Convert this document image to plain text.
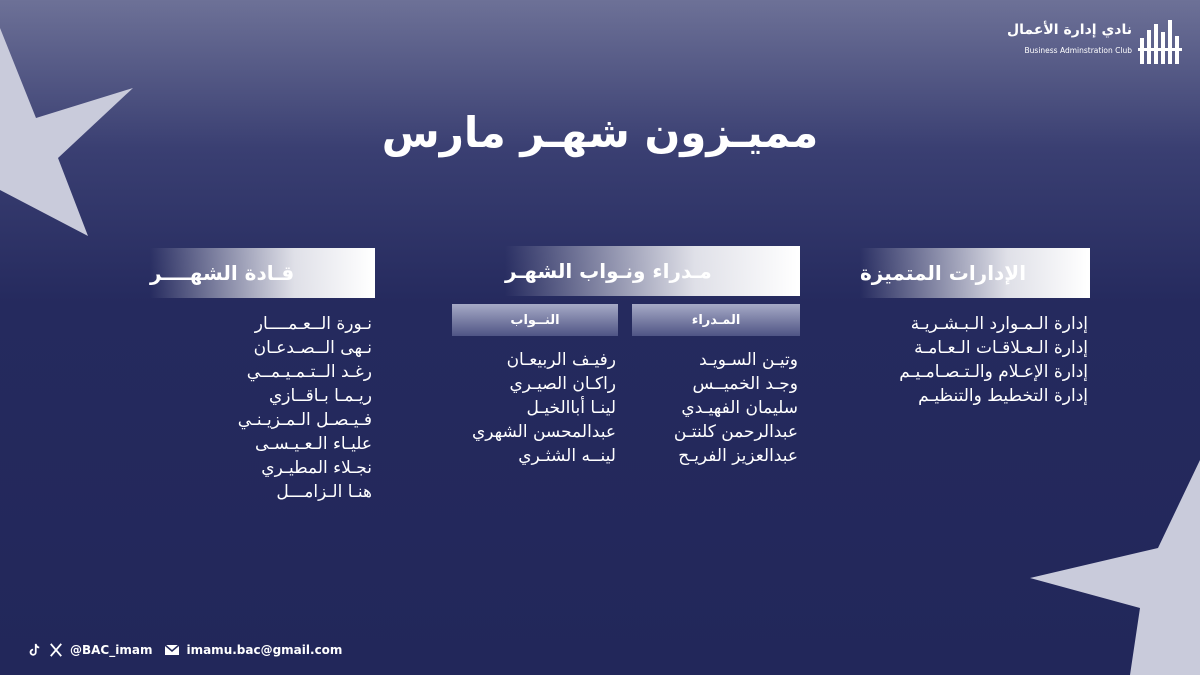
نادي إدارة الأعمال
Business Adminstration Club
مميـزون شهـر مارس
قـادة الشهــــر
نـورة الــعـمــــار
نـهى الــصـدعـان
رغـد الــتـمـيـمــي
ريـمـا بـاقــازي
فـيـصـل الـمـزيـنـي
عليـاء الـعـيـسـى
نجـلاء المطيـري
هنـا الـزامـــل
مـدراء ونـواب الشهـر
النــواب	المـدراء
رفيـف الربيعـان
راكـان الصيـري
لينـا أباالخيـل
عبدالمحسن الشهري
لينــه الشثـري
وتيـن السـويـد
وجـد الخميــس
سليمان الفهيـدي
عبدالرحمن كلنتـن
عبدالعزيز الفريـح
الإدارات المتميزة
إدارة الـمـوارد الـبـشـريـة
إدارة الـعـلاقـات الـعـامـة
إدارة الإعـلام والـتـصـامـيـم
إدارة التخطيط والتنظيـم
@BAC_imam	imamu.bac@gmail.com
